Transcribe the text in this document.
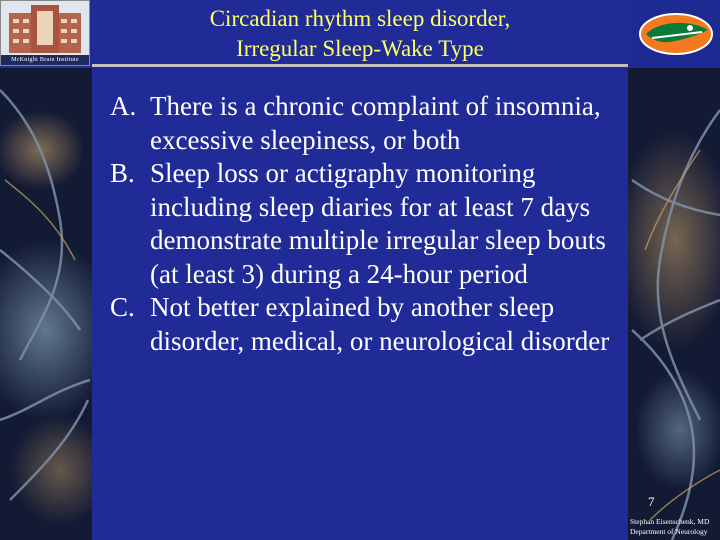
McKnight Brain Institute
Circadian rhythm sleep disorder,
Irregular Sleep-Wake Type
A. There is a chronic complaint of insomnia, excessive sleepiness, or both
B. Sleep loss or actigraphy monitoring including sleep diaries for at least 7 days demonstrate multiple irregular sleep bouts (at least 3) during a 24-hour period
C. Not better explained by another sleep disorder, medical, or neurological disorder
7
Stephan Eisenschenk, MD
Department of Neurology
